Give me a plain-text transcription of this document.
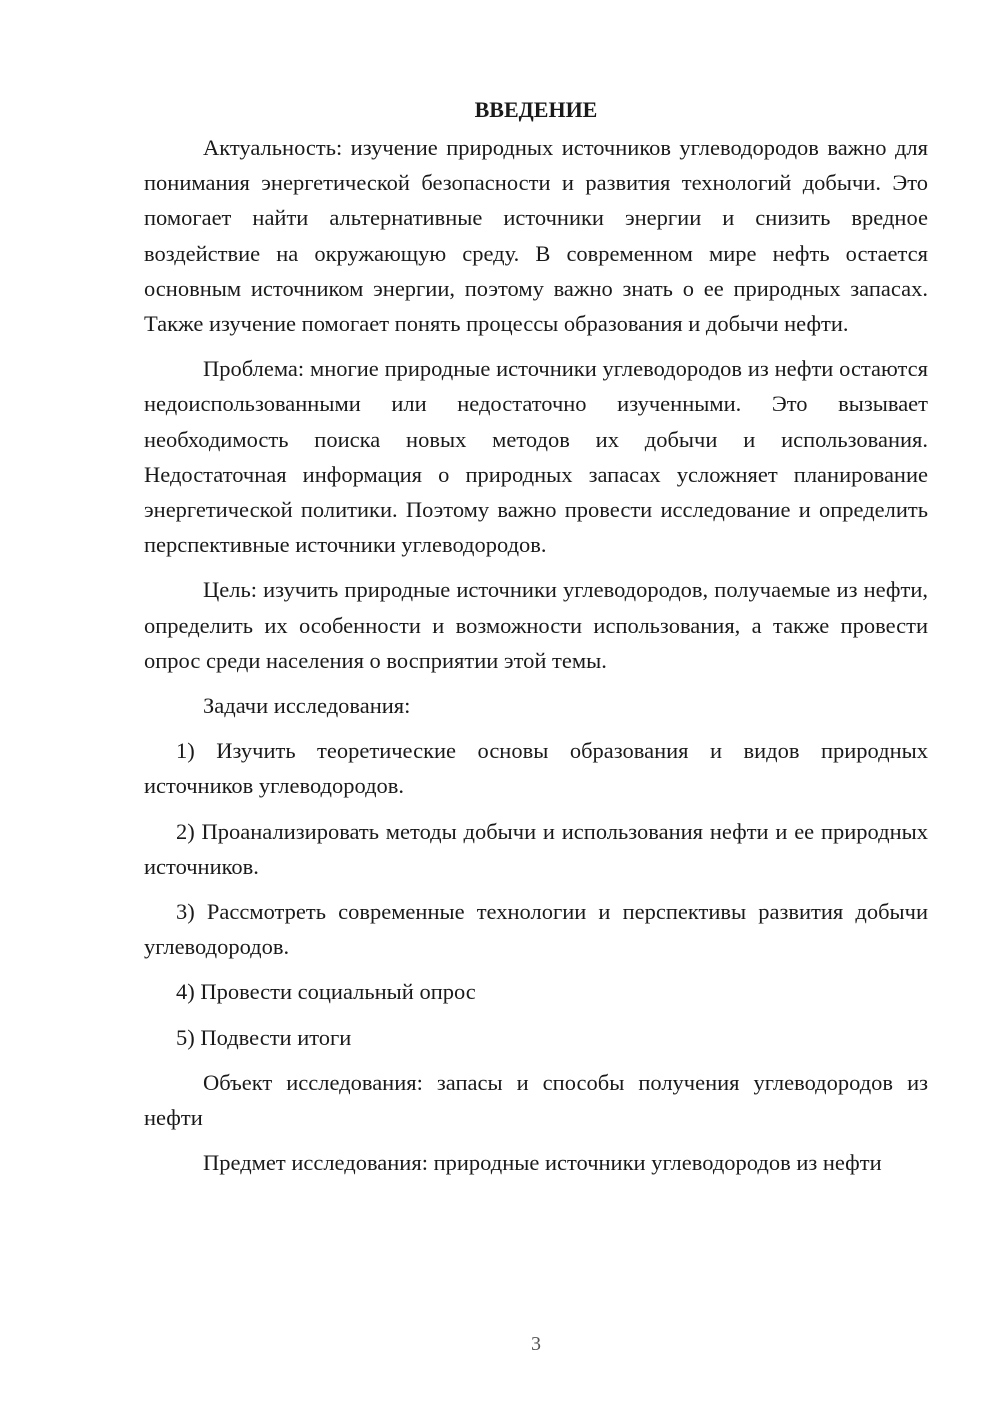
ВВЕДЕНИЕ

Актуальность: изучение природных источников углеводородов важно для понимания энергетической безопасности и развития технологий добычи. Это помогает найти альтернативные источники энергии и снизить вредное воздействие на окружающую среду. В современном мире нефть остается основным источником энергии, поэтому важно знать о ее природных запасах. Также изучение помогает понять процессы образования и добычи нефти.

Проблема: многие природные источники углеводородов из нефти остаются недоиспользованными или недостаточно изученными. Это вызывает необходимость поиска новых методов их добычи и использования. Недостаточная информация о природных запасах усложняет планирование энергетической политики. Поэтому важно провести исследование и определить перспективные источники углеводородов.

Цель: изучить природные источники углеводородов, получаемые из нефти, определить их особенности и возможности использования, а также провести опрос среди населения о восприятии этой темы.

Задачи исследования:

1) Изучить теоретические основы образования и видов природных источников углеводородов.

2) Проанализировать методы добычи и использования нефти и ее природных источников.

3) Рассмотреть современные технологии и перспективы развития добычи углеводородов.

4) Провести социальный опрос

5) Подвести итоги

Объект исследования: запасы и способы получения углеводородов из нефти

Предмет исследования: природные источники углеводородов из нефти

3
